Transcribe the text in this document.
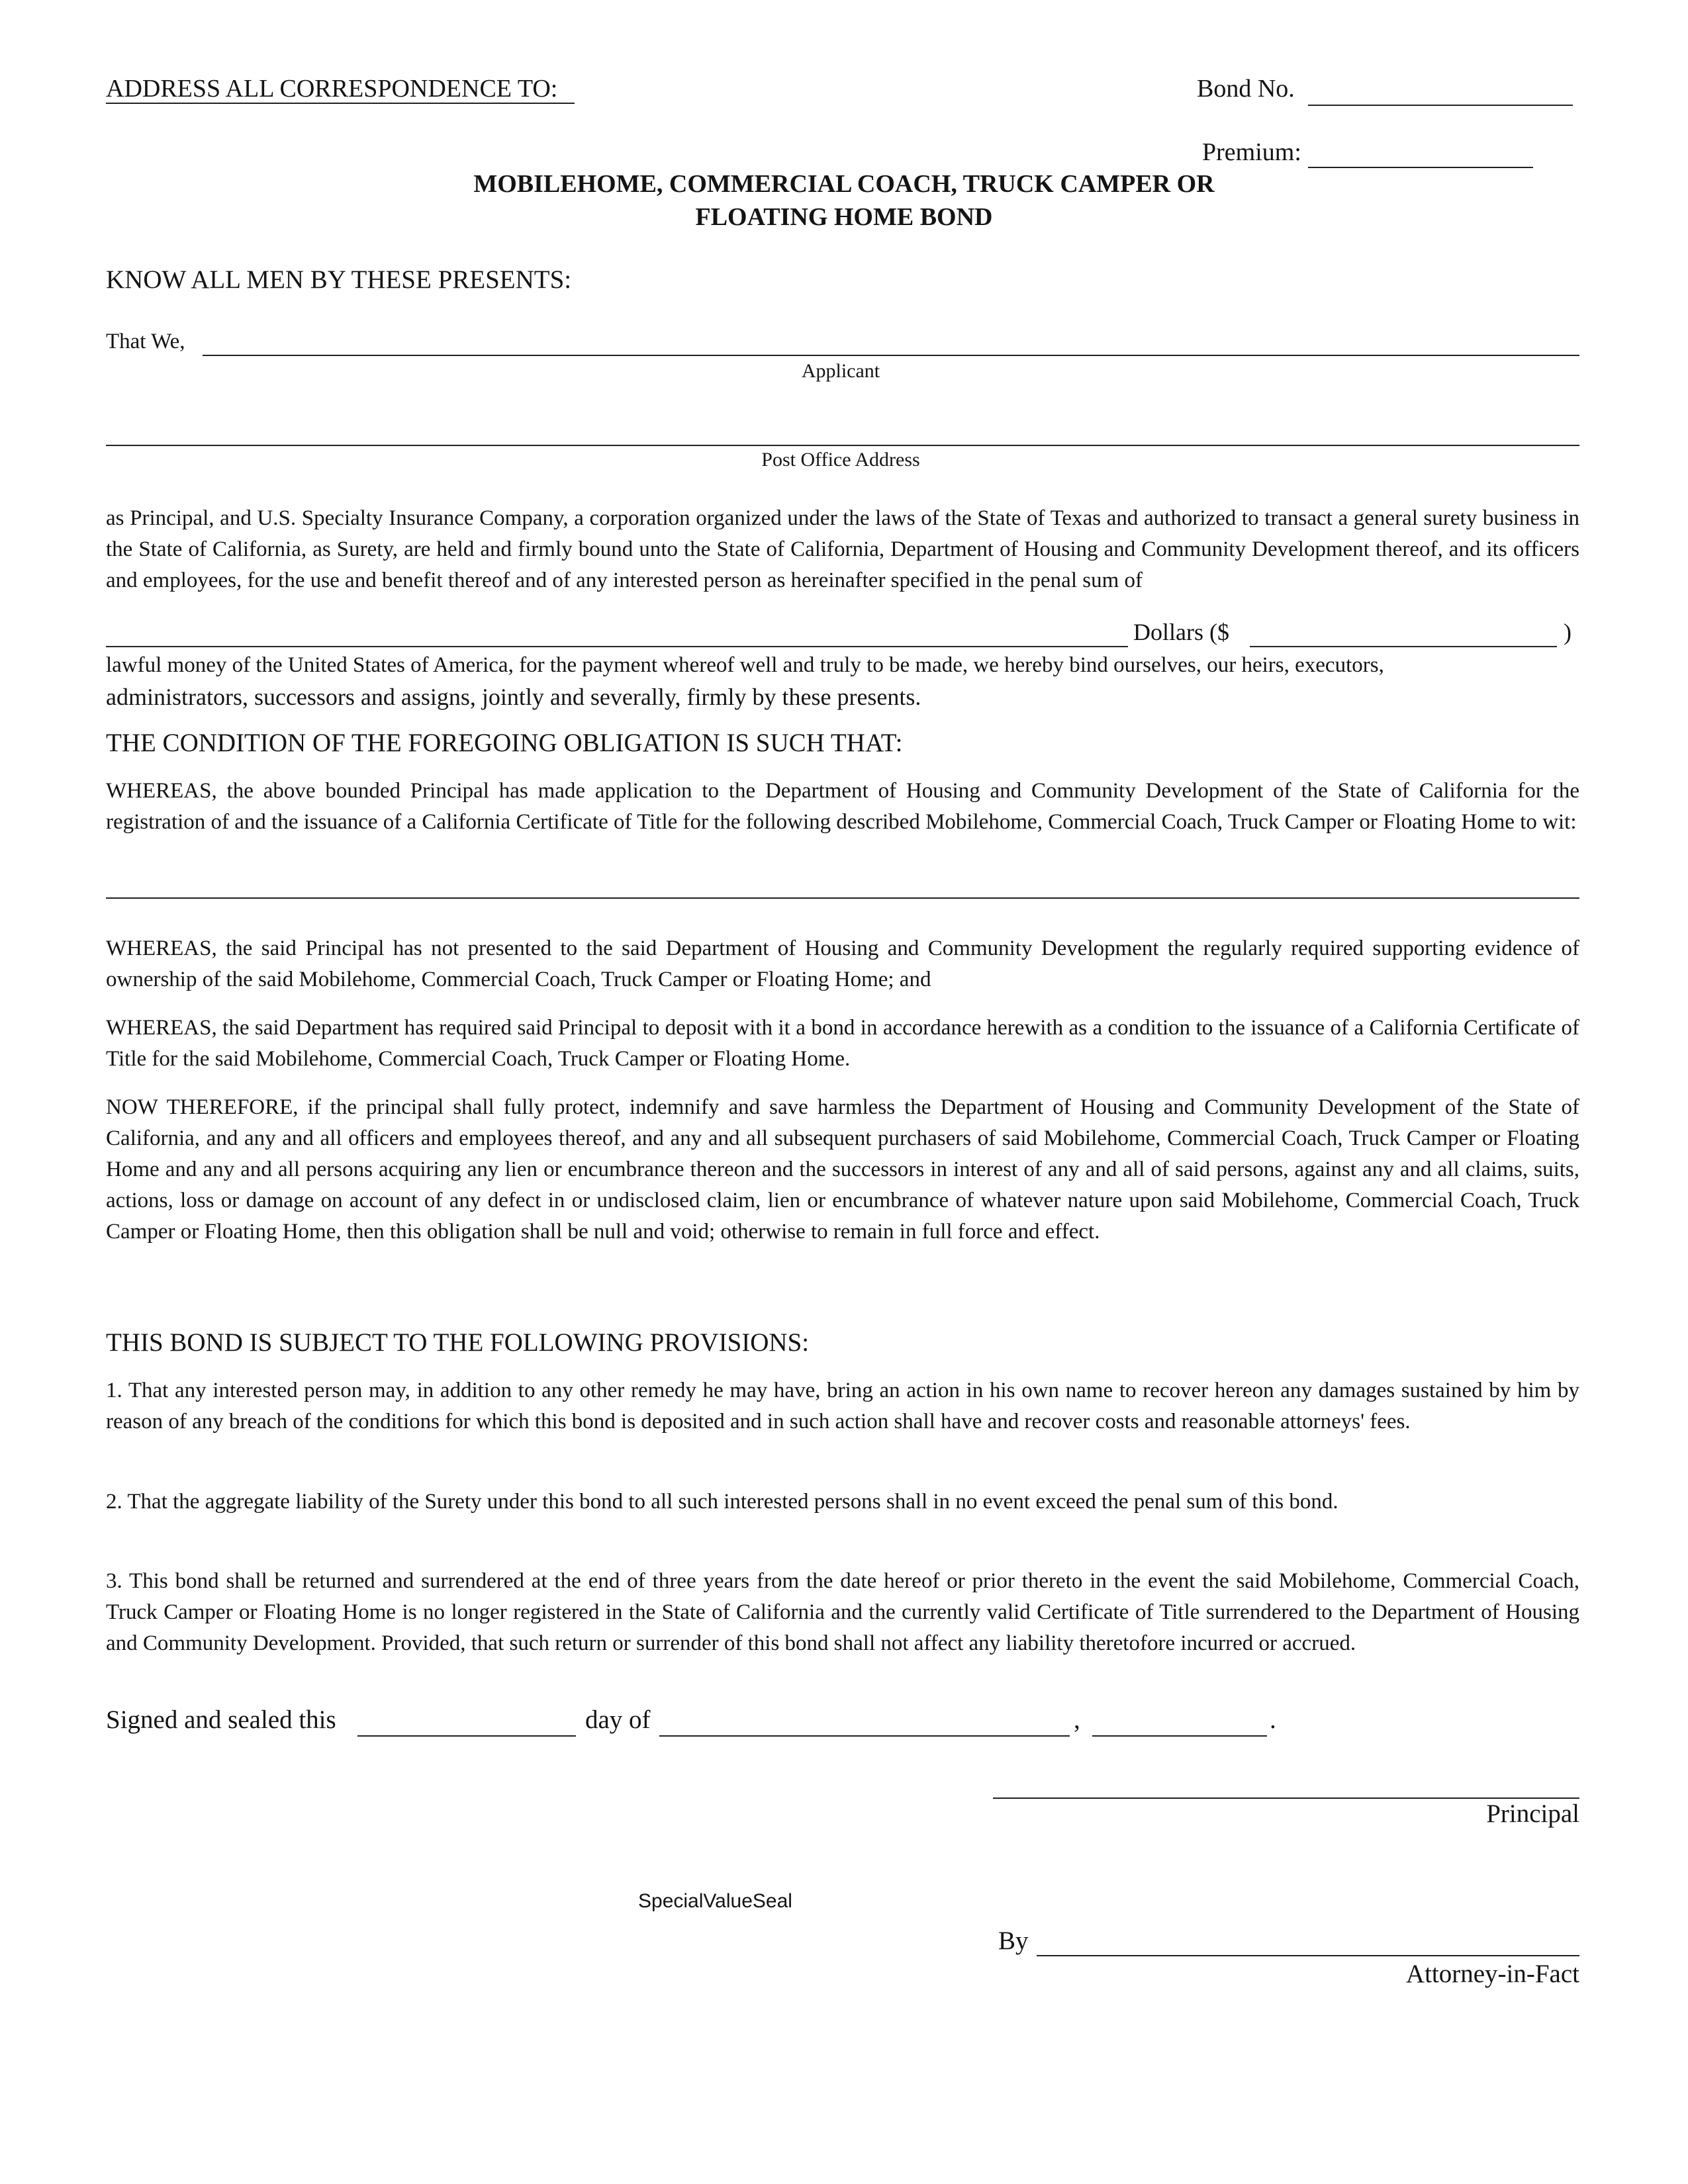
ADDRESS ALL CORRESPONDENCE TO:	Bond No.
Premium:
MOBILEHOME, COMMERCIAL COACH, TRUCK CAMPER OR
FLOATING HOME BOND
KNOW ALL MEN BY THESE PRESENTS:
That We,
Applicant
Post Office Address

as Principal, and U.S. Specialty Insurance Company, a corporation organized under the laws of the State of Texas and authorized to transact a general surety business in the State of California, as Surety, are held and firmly bound unto the State of California, Department of Housing and Community Development thereof, and its officers and employees, for the use and benefit thereof and of any interested person as hereinafter specified in the penal sum of

Dollars ($	)
lawful money of the United States of America, for the payment whereof well and truly to be made, we hereby bind ourselves, our heirs, executors,
administrators, successors and assigns, jointly and severally, firmly by these presents.
THE CONDITION OF THE FOREGOING OBLIGATION IS SUCH THAT:

WHEREAS, the above bounded Principal has made application to the Department of Housing and Community Development of the State of California for the registration of and the issuance of a California Certificate of Title for the following described Mobilehome, Commercial Coach, Truck Camper or Floating Home to wit:

WHEREAS, the said Principal has not presented to the said Department of Housing and Community Development the regularly required supporting evidence of ownership of the said Mobilehome, Commercial Coach, Truck Camper or Floating Home; and

WHEREAS, the said Department has required said Principal to deposit with it a bond in accordance herewith as a condition to the issuance of a California Certificate of Title for the said Mobilehome, Commercial Coach, Truck Camper or Floating Home.

NOW THEREFORE, if the principal shall fully protect, indemnify and save harmless the Department of Housing and Community Development of the State of California, and any and all officers and employees thereof, and any and all subsequent purchasers of said Mobilehome, Commercial Coach, Truck Camper or Floating Home and any and all persons acquiring any lien or encumbrance thereon and the successors in interest of any and all of said persons, against any and all claims, suits, actions, loss or damage on account of any defect in or undisclosed claim, lien or encumbrance of whatever nature upon said Mobilehome, Commercial Coach, Truck Camper or Floating Home, then this obligation shall be null and void; otherwise to remain in full force and effect.

THIS BOND IS SUBJECT TO THE FOLLOWING PROVISIONS:

1. That any interested person may, in addition to any other remedy he may have, bring an action in his own name to recover hereon any damages sustained by him by reason of any breach of the conditions for which this bond is deposited and in such action shall have and recover costs and reasonable attorneys' fees.

2. That the aggregate liability of the Surety under this bond to all such interested persons shall in no event exceed the penal sum of this bond.

3. This bond shall be returned and surrendered at the end of three years from the date hereof or prior thereto in the event the said Mobilehome, Commercial Coach, Truck Camper or Floating Home is no longer registered in the State of California and the currently valid Certificate of Title surrendered to the Department of Housing and Community Development. Provided, that such return or surrender of this bond shall not affect any liability theretofore incurred or accrued.

Signed and sealed this	day of	,	.
Principal
SpecialValueSeal
By
Attorney-in-Fact
